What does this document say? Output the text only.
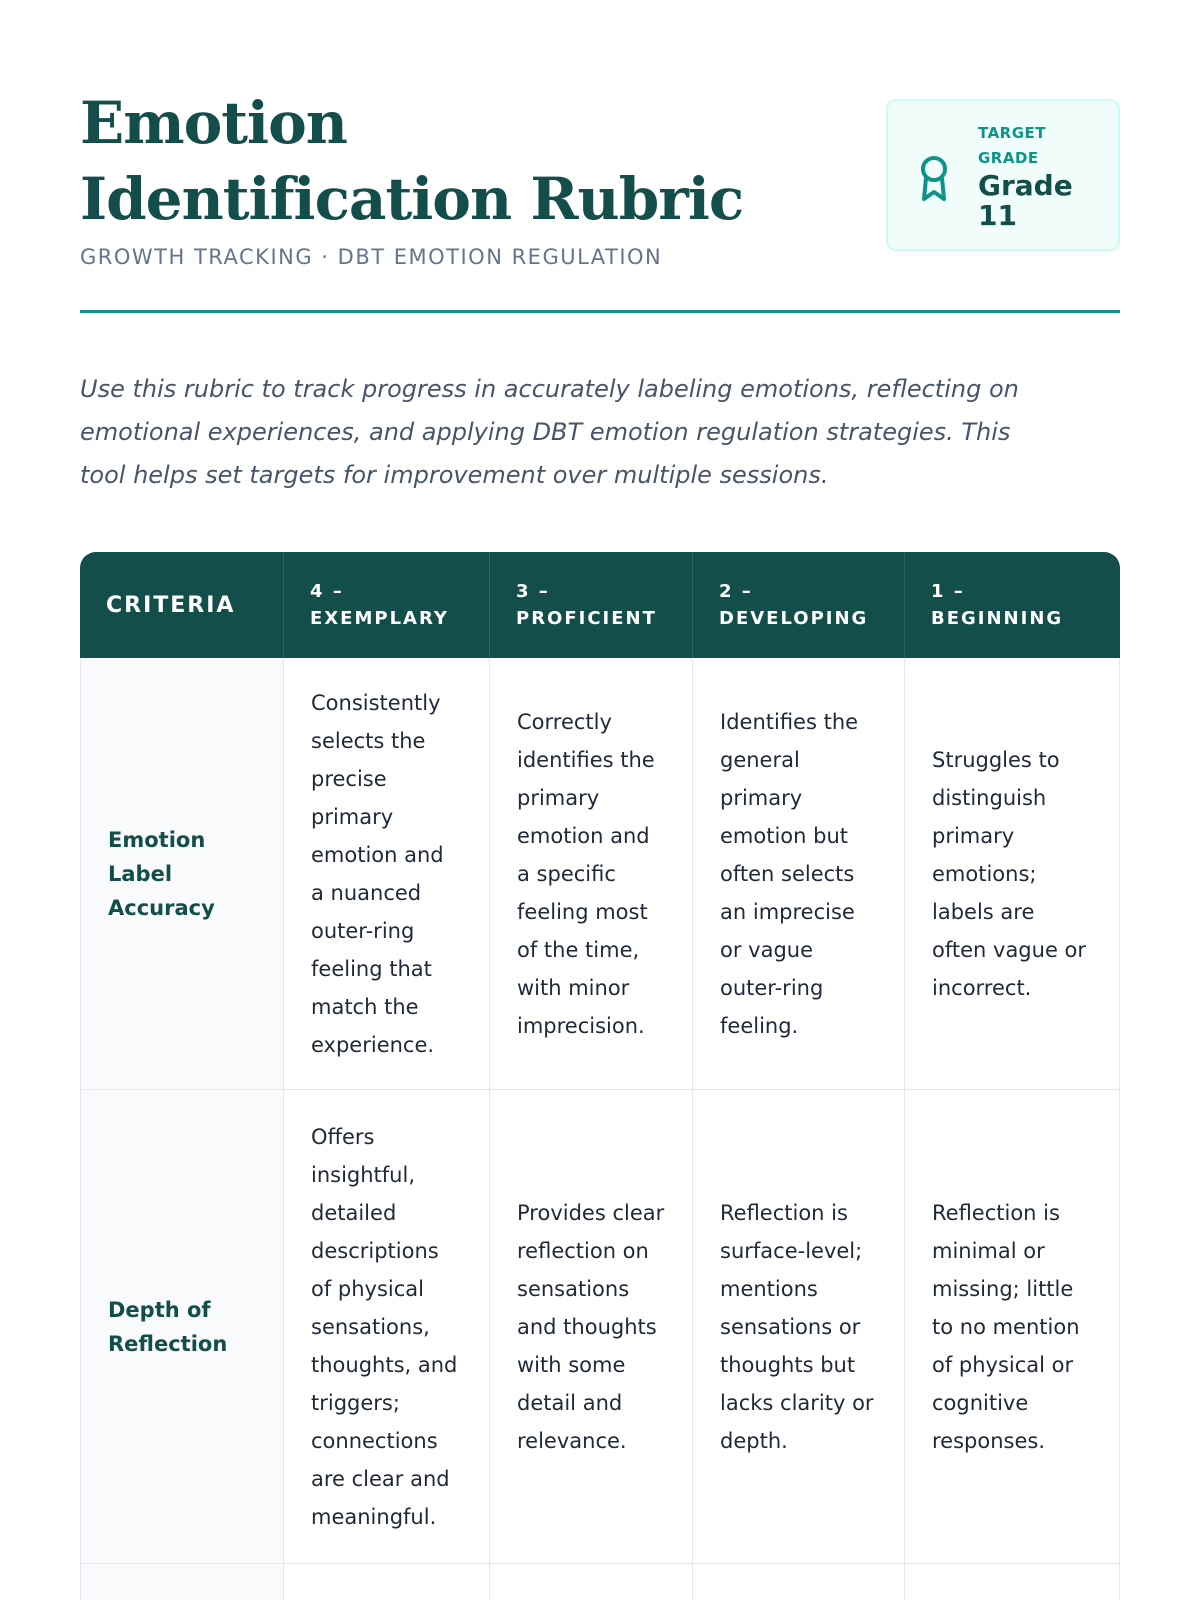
Emotion Identification Rubric
GROWTH TRACKING · DBT EMOTION REGULATION
TARGET GRADE
Grade 11

Use this rubric to track progress in accurately labeling emotions, reflecting on emotional experiences, and applying DBT emotion regulation strategies. This tool helps set targets for improvement over multiple sessions.

CRITERIA	4 – EXEMPLARY	3 – PROFICIENT	2 – DEVELOPING	1 – BEGINNING
Emotion Label Accuracy	Consistently selects the precise primary emotion and a nuanced outer-ring feeling that match the experience.	Correctly identifies the primary emotion and a specific feeling most of the time, with minor imprecision.	Identifies the general primary emotion but often selects an imprecise or vague outer-ring feeling.	Struggles to distinguish primary emotions; labels are often vague or incorrect.
Depth of Reflection	Offers insightful, detailed descriptions of physical sensations, thoughts, and triggers; connections are clear and meaningful.	Provides clear reflection on sensations and thoughts with some detail and relevance.	Reflection is surface-level; mentions sensations or thoughts but lacks clarity or depth.	Reflection is minimal or missing; little to no mention of physical or cognitive responses.
